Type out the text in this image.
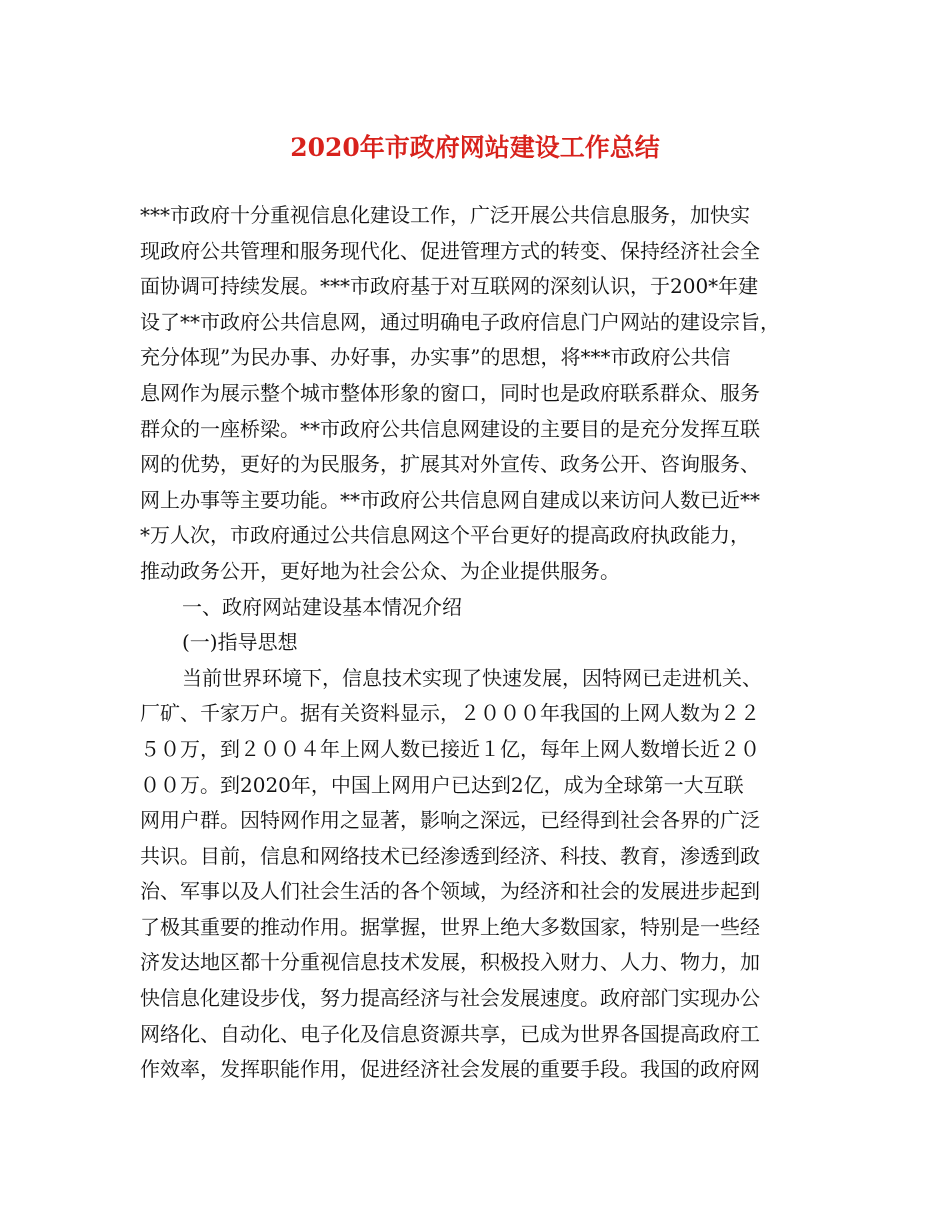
2020年市政府网站建设工作总结
***市政府十分重视信息化建设工作，广泛开展公共信息服务，加快实
现政府公共管理和服务现代化、促进管理方式的转变、保持经济社会全
面协调可持续发展。***市政府基于对互联网的深刻认识，于200*年建
设了**市政府公共信息网，通过明确电子政府信息门户网站的建设宗旨，
充分体现”为民办事、办好事，办实事”的思想，将***市政府公共信
息网作为展示整个城市整体形象的窗口，同时也是政府联系群众、服务
群众的一座桥梁。**市政府公共信息网建设的主要目的是充分发挥互联
网的优势，更好的为民服务，扩展其对外宣传、政务公开、咨询服务、
网上办事等主要功能。**市政府公共信息网自建成以来访问人数已近**
*万人次，市政府通过公共信息网这个平台更好的提高政府执政能力，
推动政务公开，更好地为社会公众、为企业提供服务。
一、政府网站建设基本情况介绍
(一)指导思想
当前世界环境下，信息技术实现了快速发展，因特网已走进机关、
厂矿、千家万户。据有关资料显示，２０００年我国的上网人数为２２
５０万，到２００４年上网人数已接近１亿，每年上网人数增长近２０
００万。到2020年，中国上网用户已达到2亿，成为全球第一大互联
网用户群。因特网作用之显著，影响之深远，已经得到社会各界的广泛
共识。目前，信息和网络技术已经渗透到经济、科技、教育，渗透到政
治、军事以及人们社会生活的各个领域，为经济和社会的发展进步起到
了极其重要的推动作用。据掌握，世界上绝大多数国家，特别是一些经
济发达地区都十分重视信息技术发展，积极投入财力、人力、物力，加
快信息化建设步伐，努力提高经济与社会发展速度。政府部门实现办公
网络化、自动化、电子化及信息资源共享，已成为世界各国提高政府工
作效率，发挥职能作用，促进经济社会发展的重要手段。我国的政府网
